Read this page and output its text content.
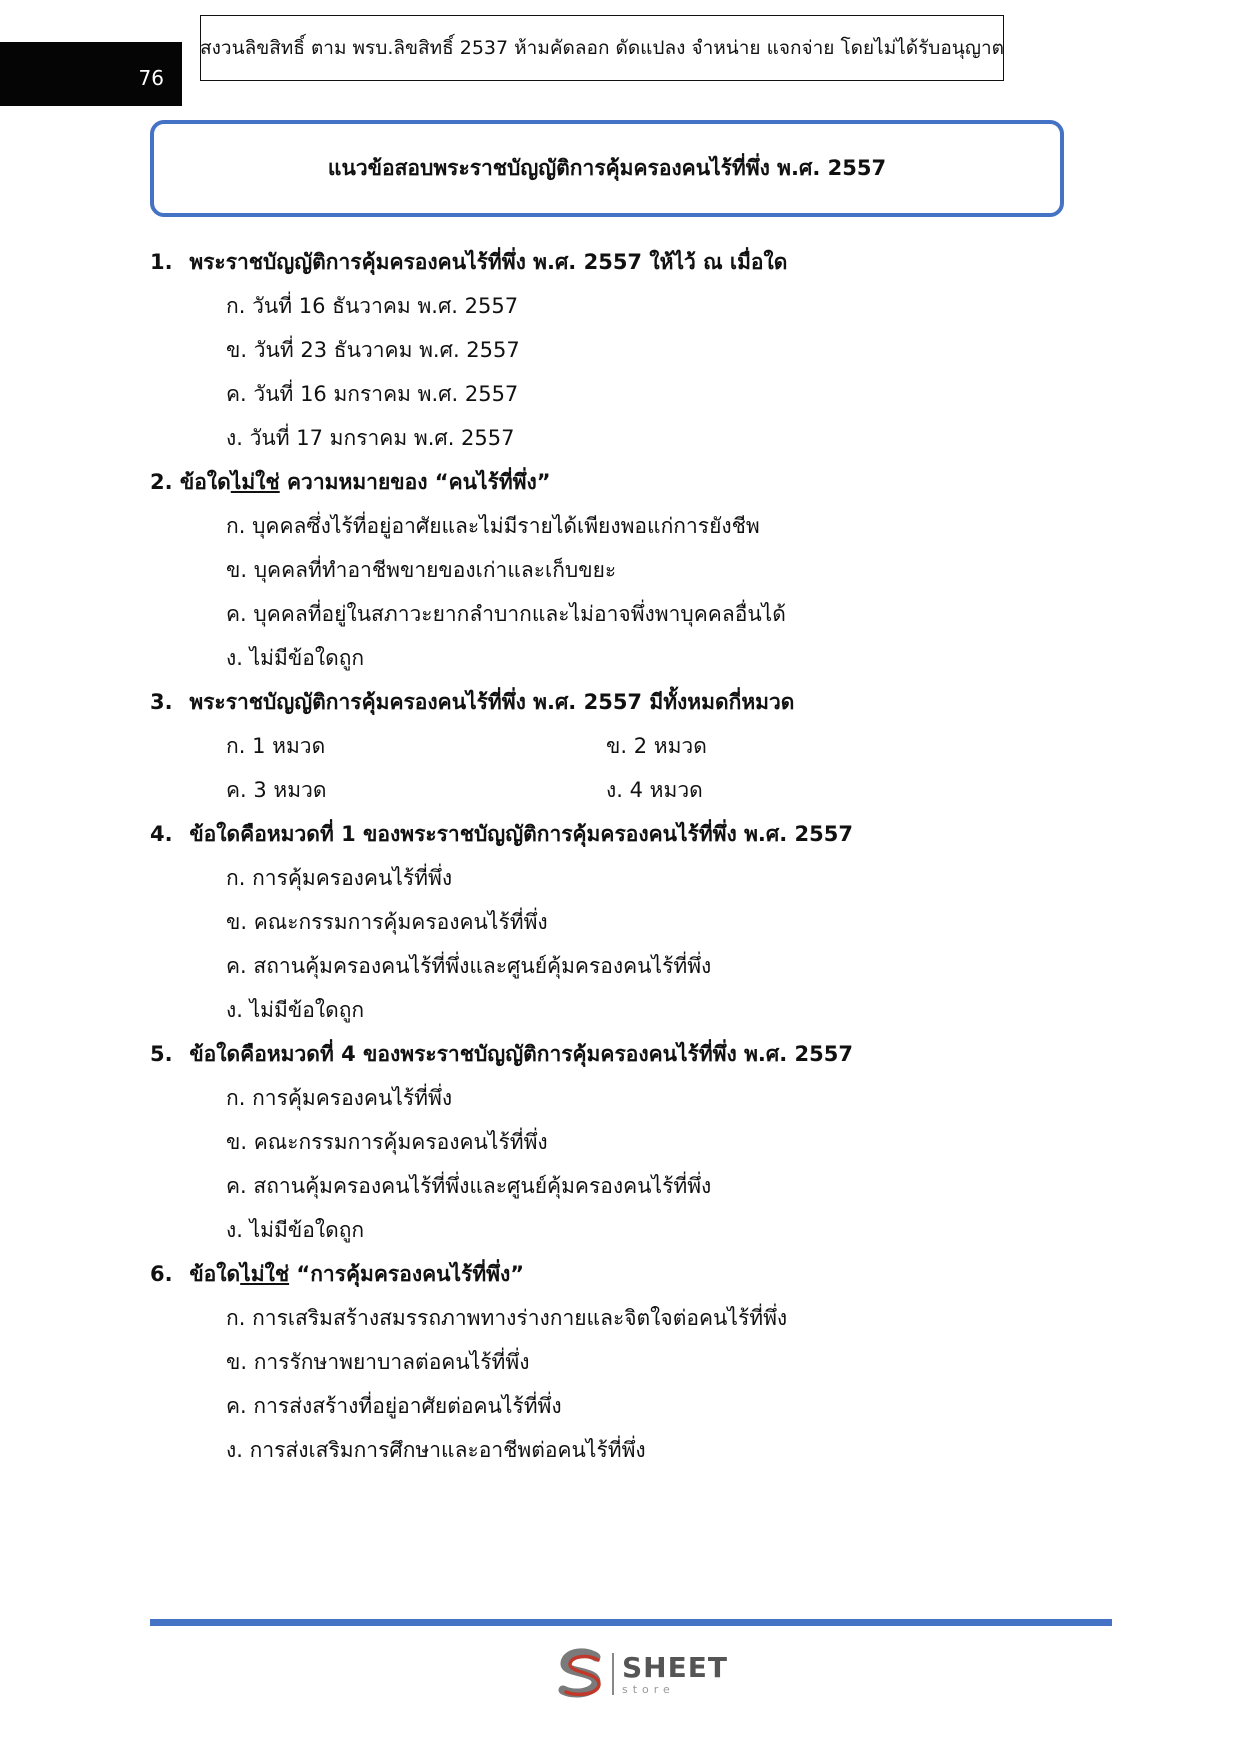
76
สงวนลิขสิทธิ์ ตาม พรบ.ลิขสิทธิ์ 2537 ห้ามคัดลอก ดัดแปลง จำหน่าย แจกจ่าย โดยไม่ได้รับอนุญาต
แนวข้อสอบพระราชบัญญัติการคุ้มครองคนไร้ที่พึ่ง พ.ศ. 2557
1. พระราชบัญญัติการคุ้มครองคนไร้ที่พึ่ง พ.ศ. 2557 ให้ไว้ ณ เมื่อใด
ก. วันที่ 16 ธันวาคม พ.ศ. 2557
ข. วันที่ 23 ธันวาคม พ.ศ. 2557
ค. วันที่ 16 มกราคม พ.ศ. 2557
ง. วันที่ 17 มกราคม พ.ศ. 2557
2. ข้อใดไม่ใช่ ความหมายของ “คนไร้ที่พึ่ง”
ก. บุคคลซึ่งไร้ที่อยู่อาศัยและไม่มีรายได้เพียงพอแก่การยังชีพ
ข. บุคคลที่ทำอาชีพขายของเก่าและเก็บขยะ
ค. บุคคลที่อยู่ในสภาวะยากลำบากและไม่อาจพึ่งพาบุคคลอื่นได้
ง. ไม่มีข้อใดถูก
3. พระราชบัญญัติการคุ้มครองคนไร้ที่พึ่ง พ.ศ. 2557 มีทั้งหมดกี่หมวด
ก. 1 หมวด	ข. 2 หมวด
ค. 3 หมวด	ง. 4 หมวด
4. ข้อใดคือหมวดที่ 1 ของพระราชบัญญัติการคุ้มครองคนไร้ที่พึ่ง พ.ศ. 2557
ก. การคุ้มครองคนไร้ที่พึ่ง
ข. คณะกรรมการคุ้มครองคนไร้ที่พึ่ง
ค. สถานคุ้มครองคนไร้ที่พึ่งและศูนย์คุ้มครองคนไร้ที่พึ่ง
ง. ไม่มีข้อใดถูก
5. ข้อใดคือหมวดที่ 4 ของพระราชบัญญัติการคุ้มครองคนไร้ที่พึ่ง พ.ศ. 2557
ก. การคุ้มครองคนไร้ที่พึ่ง
ข. คณะกรรมการคุ้มครองคนไร้ที่พึ่ง
ค. สถานคุ้มครองคนไร้ที่พึ่งและศูนย์คุ้มครองคนไร้ที่พึ่ง
ง. ไม่มีข้อใดถูก
6. ข้อใดไม่ใช่ “การคุ้มครองคนไร้ที่พึ่ง”
ก. การเสริมสร้างสมรรถภาพทางร่างกายและจิตใจต่อคนไร้ที่พึ่ง
ข. การรักษาพยาบาลต่อคนไร้ที่พึ่ง
ค. การส่งสร้างที่อยู่อาศัยต่อคนไร้ที่พึ่ง
ง. การส่งเสริมการศึกษาและอาชีพต่อคนไร้ที่พึ่ง
SHEET
store
